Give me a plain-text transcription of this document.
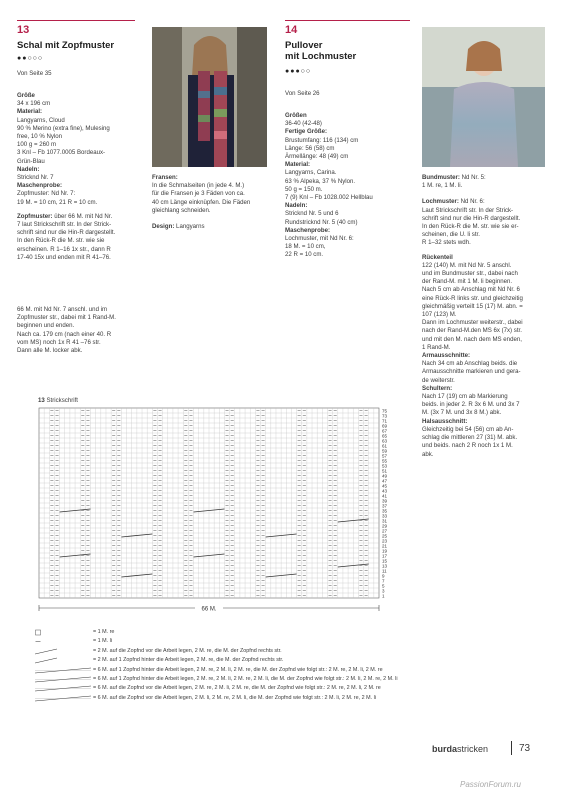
13
Schal mit Zopfmuster
●●○○○
Von Seite 35
Größe
34 x 196 cm
Material:
Langyarns, Cloud
90 % Merino (extra fine), Mulesing
free, 10 % Nylon
100 g = 260 m
3 Knl – Fb 1077.0005 Bordeaux-
Grün-Blau
Nadeln:
Stricknd Nr. 7
Maschenprobe:
Zopfmuster: Nd Nr. 7:
19 M. = 10 cm, 21 R = 10 cm.
Zopfmuster: über 66 M. mit Nd Nr.
7 laut Strickschrift str. In der Strick-
schrift sind nur die Hin-R dargestellt.
In den Rück-R die M. str. wie sie
erscheinen. R 1–16 1x str., dann R
17-40 15x und enden mit R 41–76.
66 M. mit Nd Nr. 7 anschl. und im
Zopfmuster str., dabei mit 1 Rand-M.
beginnen und enden.
Nach ca. 179 cm (nach einer 40. R
vom MS) noch 1x R 41 –76 str.
Dann alle M. locker abk.
Fransen:
In die Schmalseiten (in jede 4. M.)
für die Fransen je 3 Fäden von ca.
40 cm Länge einknüpfen. Die Fäden
gleichlang schneiden.
Design: Langyarns
14
Pullover
mit Lochmuster
●●●○○
Von Seite 26
Größen
36-40 (42-48)
Fertige Größe:
Brustumfang: 116 (134) cm
Länge: 56 (58) cm
Ärmellänge: 48 (49) cm
Material:
Langyarns, Carina.
63 % Alpeka, 37 % Nylon.
50 g = 150 m.
7 (9) Knl – Fb 1028.002 Hellblau
Nadeln:
Stricknd Nr. 5 und 6
Rundstricknd Nr. 5 (40 cm)
Maschenprobe:
Lochmuster, mit Nd Nr. 6:
18 M. = 10 cm,
22 R = 10 cm.
Bundmuster: Nd Nr. 5:
1 M. re, 1 M. li.
Lochmuster: Nd Nr. 6:
Laut Strickschrift str. In der Strick-
schrift sind nur die Hin-R dargestellt.
In den Rück-R die M. str. wie sie er-
scheinen, die U. li str.
R 1–32 stets wdh.
Rückenteil
122 (140) M. mit Nd Nr. 5 anschl.
und im Bundmuster str., dabei nach
der Rand-M. mit 1 M. li beginnen.
Nach 5 cm ab Anschlag mit Nd Nr. 6
eine Rück-R links str. und gleichzeitig
gleichmäßig verteilt 15 (17) M. abn. =
107 (123) M.
Dann im Lochmuster weiterstr., dabei
nach der Rand-M.den MS 6x (7x) str.
und mit den M. nach dem MS enden,
1 Rand-M.
Armausschnitte:
Nach 34 cm ab Anschlag beids. die
Armausschnitte markieren und gera-
de weiterstr.
Schultern:
Nach 17 (19) cm ab Markierung
beids. in jeder 2. R 3x 6 M. und 3x 7
M. (3x 7 M. und 3x 8 M.) abk.
Halsausschnitt:
Gleichzeitig bei 54 (56) cm ab An-
schlag die mittleren 27 (31) M. abk.
und beids. nach 2 R noch 1x 1 M.
abk.
13 Strickschrift
75
73
71
69
67
65
63
61
59
57
55
53
51
49
47
45
43
41
39
37
35
33
31
29
27
25
23
21
19
17
15
13
11
9
7
5
3
1
66 M.
= 1 M. re
= 1 M. li
= 2 M. auf die Zopfnd vor die Arbeit legen, 2 M. re, die M. der Zopfnd rechts str.
= 2 M. auf 1 Zopfnd hinter die Arbeit legen, 2 M. re, die M. der Zopfnd rechts str.
= 6 M. auf 1 Zopfnd hinter die Arbeit legen, 2 M. re, 2 M. li, 2 M. re, die M. der Zopfnd wie folgt str.: 2 M. re, 2 M. li, 2 M. re
= 6 M. auf 1 Zopfnd hinter die Arbeit legen, 2 M. re, 2 M. li, 2 M. re, 2 M. li, die M. der Zopfnd wie folgt str.: 2 M. li, 2 M. re, 2 M. li
= 6 M. auf die Zopfnd vor die Arbeit legen, 2 M. re, 2 M. li, 2 M. re, die M. der Zopfnd wie folgt str.: 2 M. re, 2 M. li, 2 M. re
= 6 M. auf die Zopfnd vor die Arbeit legen, 2 M. li, 2 M. re, 2 M. li, die M. der Zopfnd wie folgt str.: 2 M. li, 2 M. re, 2 M. li
burdastricken	73
PassionForum.ru
